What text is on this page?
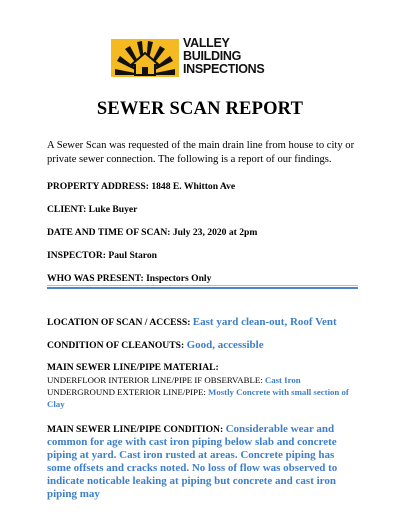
VALLEY
BUILDING
INSPECTIONS
SEWER SCAN REPORT
A Sewer Scan was requested of the main drain line from house to city or private sewer connection. The following is a report of our findings.
PROPERTY ADDRESS: 1848 E. Whitton Ave
CLIENT: Luke Buyer
DATE AND TIME OF SCAN: July 23, 2020 at 2pm
INSPECTOR: Paul Staron
WHO WAS PRESENT: Inspectors Only
LOCATION OF SCAN / ACCESS: East yard clean-out, Roof Vent
CONDITION OF CLEANOUTS: Good, accessible
MAIN SEWER LINE/PIPE MATERIAL:
UNDERFLOOR INTERIOR LINE/PIPE IF OBSERVABLE: Cast Iron
UNDERGROUND EXTERIOR LINE/PIPE: Mostly Concrete with small section of Clay
MAIN SEWER LINE/PIPE CONDITION: Considerable wear and common for age with cast iron piping below slab and concrete piping at yard. Cast iron rusted at areas. Concrete piping has some offsets and cracks noted. No loss of flow was observed to indicate noticable leaking at piping but concrete and cast iron piping may
